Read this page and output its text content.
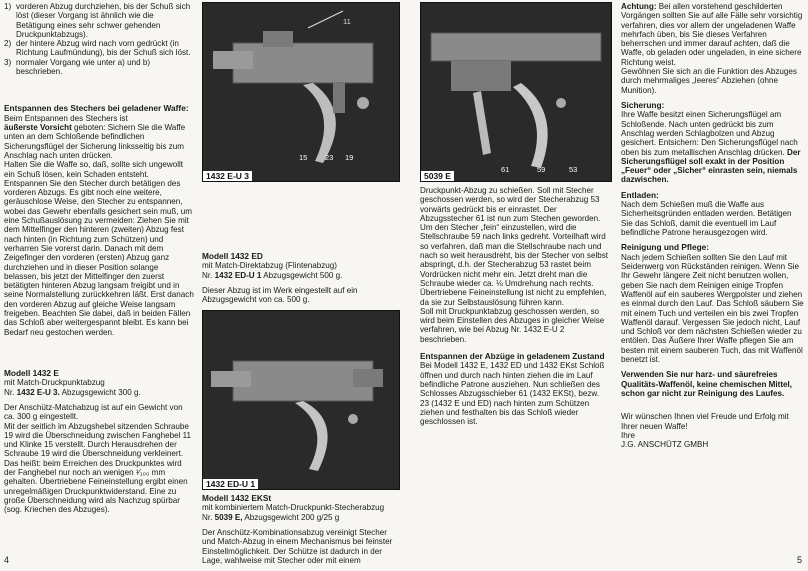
1) vorderen Abzug durchziehen, bis der Schuß sich löst (dieser Vorgang ist ähnlich wie die Betätigung eines sehr schwer gehenden Druckpunktabzugs).
2) der hintere Abzug wird nach vorn gedrückt (in Richtung Laufmündung), bis der Schuß sich löst.
3) normaler Vorgang wie unter a) und b) beschrieben.
Entspannen des Stechers bei geladener Waffe:

Beim Entspannen des Stechers ist
äußerste Vorsicht geboten: Sichern Sie die Waffe unten an dem Schloßende befindlichen Sicherungsflügel der Sicherung linksseitig bis zum Anschlag nach unten drücken.
Halten Sie die Waffe so, daß, sollte sich ungewollt ein Schuß lösen, kein Schaden entsteht. Entspannen Sie den Stecher durch betätigen des vorderen Abzugs. Es gibt noch eine weitere, geräuschlose Weise, den Stecher zu entspannen, wobei das Gewehr ebenfalls gesichert sein muß, um eine Schußauslösung zu vermeiden: Ziehen Sie mit dem Mittelfinger den hinteren (zweiten) Abzug fest nach hinten (in Richtung zum Schützen) und verharren Sie vorerst darin. Danach mit dem Zeigefinger den vorderen (ersten) Abzug ganz durchziehen und in dieser Position solange belassen, bis jetzt der Mittelfinger den zuerst betätigten hinteren Abzug langsam freigibt und in seine Normalstellung zurückkehren läßt. Erst danach den vorderen Abzug auf gleiche Weise langsam freigeben. Beachten Sie dabei, daß in beiden Fällen das Schloß aber weitergespannt bleibt. Es kann bei Bedarf neu gestochen werden.

Modell 1432 E

mit Match-Druckpunktabzug
Nr. 1432 E-U 3. Abzugsgewicht 300 g.

Der Anschütz-Matchabzug ist auf ein Gewicht von ca. 300 g eingestellt.
Mit der seitlich im Abzugshebel sitzenden Schraube 19 wird die Überschneidung zwischen Fanghebel 11 und Klinke 15 verstellt. Durch Herausdrehen der Schraube 19 wird die Überschneidung verkleinert. Das heißt: beim Erreichen des Druckpunktes wird der Fanghebel nur noch an wenigen ¹⁄₁₀₀ mm gehalten. Übertriebene Feineinstellung ergibt einen unregelmäßigen Druckpunktwiderstand. Eine zu große Überschneidung wird als Nachzug spürbar (sog. Kriechen des Abzuges).

11
15 23 19
1432 E-U 3
Modell 1432 ED

mit Match-Direktabzug (Flintenabzug)
Nr. 1432 ED-U 1 Abzugsgewicht 500 g.

Dieser Abzug ist im Werk eingestellt auf ein Abzugsgewicht von ca. 500 g.

1432 ED-U 1
Modell 1432 EKSt

mit kombiniertem Match-Druckpunkt-Stecherabzug
Nr. 5039 E, Abzugsgewicht 200 g/25 g

Der Anschütz-Kombinationsabzug vereinigt Stecher und Match-Abzug in einem Mechanismus bei feinster Einstellmöglichkeit. Der Schütze ist dadurch in der Lage, wahlweise mit Stecher oder mit einem

61	59	53
5039 E

Druckpunkt-Abzug zu schießen. Soll mit Stecher geschossen werden, so wird der Stecherabzug 53 vorwärts gedrückt bis er einrastet. Der Abzugsstecher 61 ist nun zum Stechen geworden. Um den Stecher „fein“ einzustellen, wird die Stellschraube 59 nach links gedreht. Vorteilhaft wird so verfahren, daß man die Stellschraube nach und nach so weit herausdreht, bis der Stecher von selbst abspringt, d.h. der Stecherabzug 53 rastet beim Vordrücken nicht mehr ein. Jetzt dreht man die Schraube wieder ca. ⅛ Umdrehung nach rechts. Übertriebene Feineinstellung ist nicht zu empfehlen, da sie zur Selbstauslösung führen kann.
Soll mit Druckpunktabzug geschossen werden, so wird beim Einstellen des Abzuges in gleicher Weise verfahren, wie bei Abzug Nr. 1432 E-U 2 beschrieben.

Entspannen der Abzüge in geladenem Zustand

Bei Modell 1432 E, 1432 ED und 1432 EKst Schloß öffnen und durch nach hinten ziehen die im Lauf befindliche Patrone ausziehen. Nun schließen des Schlosses Abzugsschieber 61 (1432 EKSt), bezw. 23 (1432 E und ED) nach hinten zum Schützen ziehen und festhalten bis das Schloß wieder geschlossen ist.

Achtung: Bei allen vorstehend geschilderten Vorgängen sollten Sie auf alle Fälle sehr vorsichtig verfahren, dies vor allem der ungeladenen Waffe mehrfach üben, bis Sie dieses Verfahren beherrschen und immer darauf achten, daß die Waffe, ob geladen oder ungeladen, in eine sichere Richtung weist.
Gewöhnen Sie sich an die Funktion des Abzuges durch mehrmaliges „leeres“ Abziehen (ohne Munition).

Sicherung:

Ihre Waffe besitzt einen Sicherungsflügel am Schloßende. Nach unten gedrückt bis zum Anschlag werden Schlagbolzen und Abzug gesichert. Entsichern: Den Sicherungsflügel nach oben bis zum metallischen Anschlag drücken. Der Sicherungsflügel soll exakt in der Position „Feuer“ oder „Sicher“ einrasten sein, niemals dazwischen.

Entladen:

Nach dem Schießen muß die Waffe aus Sicherheitsgründen entladen werden. Betätigen Sie das Schloß, damit die eventuell im Lauf befindliche Patrone herausgezogen wird.

Reinigung und Pflege:

Nach jedem Schießen sollten Sie den Lauf mit Seidenwerg von Rückständen reinigen. Wenn Sie Ihr Gewehr längere Zeit nicht benutzen wollen, geben Sie nach dem Reinigen einige Tropfen Waffenöl auf ein sauberes Wergpolster und ziehen es einmal durch den Lauf. Das Schloß säubern Sie mit einem Tuch und verteilen ein bis zwei Tropfen Waffenöl darauf. Vergessen Sie jedoch nicht, Lauf und Schloß vor dem nächsten Schießen wieder zu entölen. Das Äußere Ihrer Waffe pflegen Sie am besten mit einem sauberen Tuch, das mit Waffenöl benetzt ist.

Verwenden Sie nur harz- und säurefreies Qualitäts-Waffenöl, keine chemischen Mittel, schon gar nicht zur Reinigung des Laufes.

Wir wünschen Ihnen viel Freude und Erfolg mit Ihrer neuen Waffe!
Ihre
J.G. ANSCHÜTZ GMBH

4	5
